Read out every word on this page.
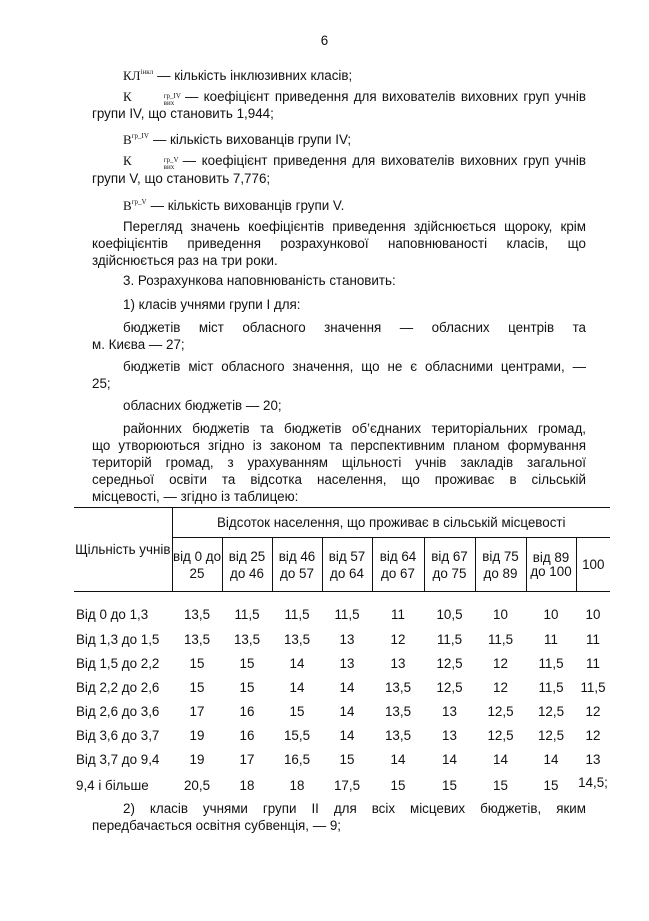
6
$КЛ^{інкл}$ — кількість інклюзивних класів;
К	гр_IV
вих — коефіцієнт приведення для вихователів виховних груп учнів
групи IV, що становить 1,944;
$В^{гр\_IV}$ — кількість вихованців групи IV;
К	гр_V
вих — коефіцієнт приведення для вихователів виховних груп учнів
групи V, що становить 7,776;
$В^{гр\_V}$ — кількість вихованців групи V.
Перегляд значень коефіцієнтів приведення здійснюється щороку, крім
коефіцієнтів приведення розрахункової наповнюваності класів, що
здійснюється раз на три роки.
3. Розрахункова наповнюваність становить:
1) класів учнями групи I для:
бюджетів міст обласного значення — обласних центрів та
м. Києва — 27;
бюджетів міст обласного значення, що не є обласними центрами, —
25;
обласних бюджетів — 20;
районних бюджетів та бюджетів об’єднаних територіальних громад,
що утворюються згідно із законом та перспективним планом формування
територій громад, з урахуванням щільності учнів закладів загальної
середньої освіти та відсотка населення, що проживає в сільській
місцевості, — згідно із таблицею:
Щільність учнів	Відсоток населення, що проживає в сільській місцевості								
	від 0 до 25	від 25 до 46	від 46 до 57	від 57 до 64	від 64 до 67	від 67 до 75	від 75 до 89	від 89 до 100	100
Від 0 до 1,3	13,5	11,5	11,5	11,5	11	10,5	10	10	10
Від 1,3 до 1,5	13,5	13,5	13,5	13	12	11,5	11,5	11	11
Від 1,5 до 2,2	15	15	14	13	13	12,5	12	11,5	11
Від 2,2 до 2,6	15	15	14	14	13,5	12,5	12	11,5	11,5
Від 2,6 до 3,6	17	16	15	14	13,5	13	12,5	12,5	12
Від 3,6 до 3,7	19	16	15,5	14	13,5	13	12,5	12,5	12
Від 3,7 до 9,4	19	17	16,5	15	14	14	14	14	13
9,4 і більше	20,5	18	18	17,5	15	15	15	15	14,5;
2) класів учнями групи II для всіх місцевих бюджетів, яким
передбачається освітня субвенція, — 9;
